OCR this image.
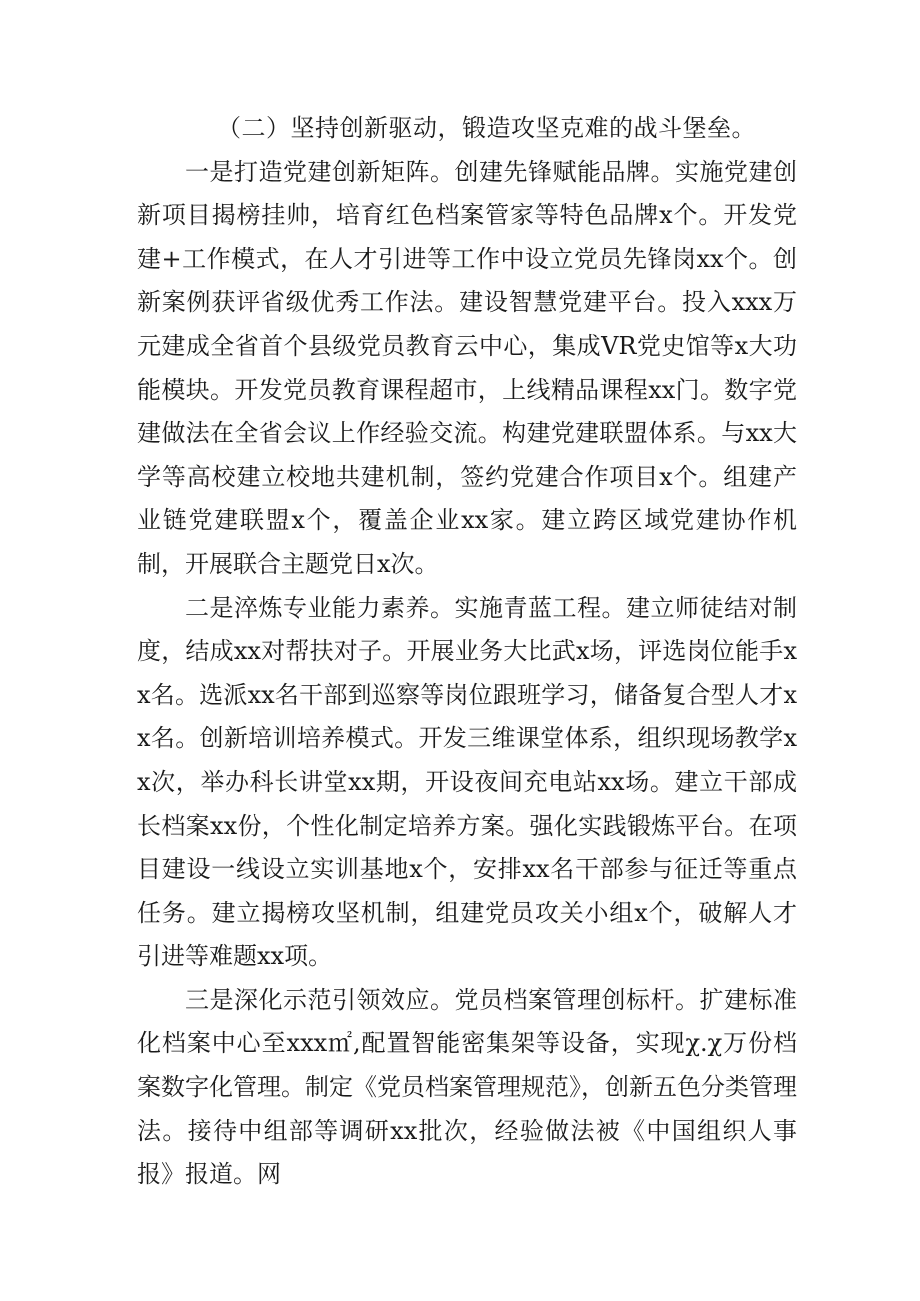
（二）坚持创新驱动，锻造攻坚克难的战斗堡垒。

一是打造党建创新矩阵。创建先锋赋能品牌。实施党建创新项目揭榜挂帅，培育红色档案管家等特色品牌x个。开发党建+工作模式，在人才引进等工作中设立党员先锋岗xx个。创新案例获评省级优秀工作法。建设智慧党建平台。投入xxx万元建成全省首个县级党员教育云中心，集成VR党史馆等x大功能模块。开发党员教育课程超市，上线精品课程xx门。数字党建做法在全省会议上作经验交流。构建党建联盟体系。与xx大学等高校建立校地共建机制，签约党建合作项目x个。组建产业链党建联盟x个，覆盖企业xx家。建立跨区域党建协作机制，开展联合主题党日x次。

二是淬炼专业能力素养。实施青蓝工程。建立师徒结对制度，结成xx对帮扶对子。开展业务大比武x场，评选岗位能手xx名。选派xx名干部到巡察等岗位跟班学习，储备复合型人才xx名。创新培训培养模式。开发三维课堂体系，组织现场教学xx次，举办科长讲堂xx期，开设夜间充电站xx场。建立干部成长档案xx份，个性化制定培养方案。强化实践锻炼平台。在项目建设一线设立实训基地x个，安排xx名干部参与征迁等重点任务。建立揭榜攻坚机制，组建党员攻关小组x个，破解人才引进等难题xx项。

三是深化示范引领效应。党员档案管理创标杆。扩建标准化档案中心至xxx㎡,配置智能密集架等设备，实现χ.χ万份档案数字化管理。制定《党员档案管理规范》，创新五色分类管理法。接待中组部等调研xx批次，经验做法被《中国组织人事报》报道。网
